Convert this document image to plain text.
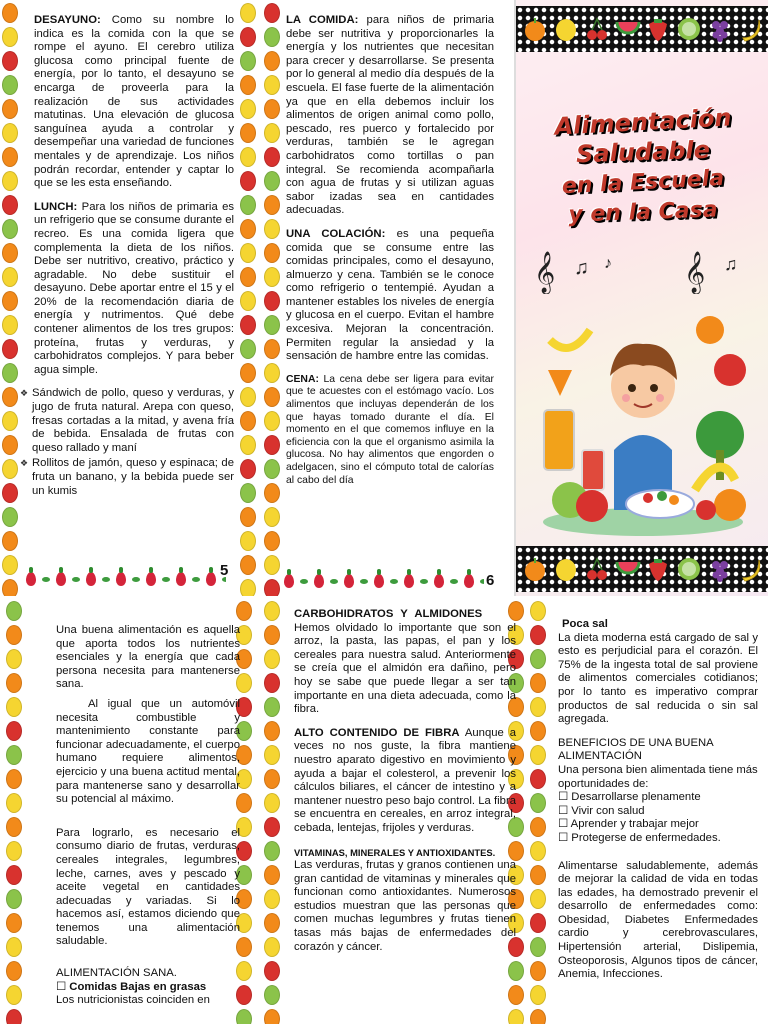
DESAYUNO: Como su nombre lo indica es la comida con la que se rompe el ayuno. El cerebro utiliza glucosa como principal fuente de energía, por lo tanto, el desayuno se encarga de proveerla para la realización de sus actividades matutinas. Una elevación de glucosa sanguínea ayuda a controlar y desempeñar una variedad de funciones mentales y de aprendizaje. Los niños podrán recordar, entender y captar lo que se les esta enseñando.

LUNCH: Para los niños de primaria es un refrigerio que se consume durante el recreo. Es una comida ligera que complementa la dieta de los niños. Debe ser nutritivo, creativo, práctico y agradable. No debe sustituir el desayuno. Debe aportar entre el 15 y el 20% de la recomendación diaria de energía y nutrimentos. Qué debe contener alimentos de los tres grupos: proteína, frutas y verduras, y carbohidratos complejos. Y para beber agua simple.

❖ Sándwich de pollo, queso y verduras, y jugo de fruta natural. Arepa con queso, fresas cortadas a la mitad, y avena fría de bebida. Ensalada de frutas con queso rallado y maní
❖ Rollitos de jamón, queso y espinaca; de fruta un banano, y la bebida puede ser un kumis
5

LA COMIDA: para niños de primaria debe ser nutritiva y proporcionarles la energía y los nutrientes que necesitan para crecer y desarrollarse. Se presenta por lo general al medio día después de la escuela. El fase fuerte de la alimentación ya que en ella debemos incluir los alimentos de origen animal como pollo, pescado, res puerco y fortalecido por verduras, también se le agregan carbohidratos como tortillas o pan integral. Se recomienda acompañarla con agua de frutas y si utilizan aguas sabor izadas sea en cantidades adecuadas.

UNA COLACIÓN: es una pequeña comida que se consume entre las comidas principales, como el desayuno, almuerzo y cena. También se le conoce como refrigerio o tentempié. Ayudan a mantener estables los niveles de energía y glucosa en el cuerpo. Evitan el hambre excesiva. Mejoran la concentración. Permiten regular la ansiedad y la sensación de hambre entre las comidas.

CENA: La cena debe ser ligera para evitar que te acuestes con el estómago vacío. Los alimentos que incluyas dependerán de los que hayas tomado durante el día. El momento en el que comemos influye en la eficiencia con la que el organismo asimila la glucosa. No hay alimentos que engorden o adelgacen, sino el cómputo total de calorías al cabo del día

6
Alimentación
Saludable
en la Escuela
y en la Casa
𝄞 ♫ ♪ 𝄞 ♫

Una buena alimentación es aquella que aporta todos los nutrientes esenciales y la energía que cada persona necesita para mantenerse sana.

Al igual que un automóvil necesita combustible y mantenimiento constante para funcionar adecuadamente, el cuerpo humano requiere alimentos, ejercicio y una buena actitud mental, para mantenerse sano y desarrollar su potencial al máximo.

Para lograrlo, es necesario el consumo diario de frutas, verduras, cereales integrales, legumbres, leche, carnes, aves y pescado y aceite vegetal en cantidades adecuadas y variadas. Si lo hacemos así, estamos diciendo que tenemos una alimentación saludable.

ALIMENTACIÓN SANA.
☐ Comidas Bajas en grasas
Los nutricionistas coinciden en
CARBOHIDRATOS Y ALMIDONES

Hemos olvidado lo importante que son el arroz, la pasta, las papas, el pan y los cereales para nuestra salud. Anteriormente se creía que el almidón era dañino, pero hoy se sabe que puede llegar a ser tan importante en una dieta adecuada, como la fibra.

ALTO CONTENIDO DE FIBRA Aunque a veces no nos guste, la fibra mantiene nuestro aparato digestivo en movimiento y ayuda a bajar el colesterol, a prevenir los cálculos biliares, el cáncer de intestino y a mantener nuestro peso bajo control. La fibra se encuentra en cereales, en arroz integral, cebada, lentejas, frijoles y verduras.

VITAMINAS, MINERALES Y ANTIOXIDANTES.

Las verduras, frutas y granos contienen una gran cantidad de vitaminas y minerales que funcionan como antioxidantes. Numerosos estudios muestran que las personas que comen muchas legumbres y frutas tienen tasas más bajas de enfermedades del corazón y cáncer.

Poca sal

La dieta moderna está cargado de sal y esto es perjudicial para el corazón. El 75% de la ingesta total de sal proviene de alimentos comerciales cotidianos; por lo tanto es imperativo comprar productos de sal reducida o sin sal agregada.

BENEFICIOS DE UNA BUENA ALIMENTACIÓN
Una persona bien alimentada tiene más oportunidades de:
☐ Desarrollarse plenamente
☐ Vivir con salud
☐ Aprender y trabajar mejor
☐ Protegerse de enfermedades.

Alimentarse saludablemente, además de mejorar la calidad de vida en todas las edades, ha demostrado prevenir el desarrollo de enfermedades como: Obesidad, Diabetes Enfermedades cardio y cerebrovasculares, Hipertensión arterial, Dislipemia, Osteoporosis, Algunos tipos de cáncer, Anemia, Infecciones.
